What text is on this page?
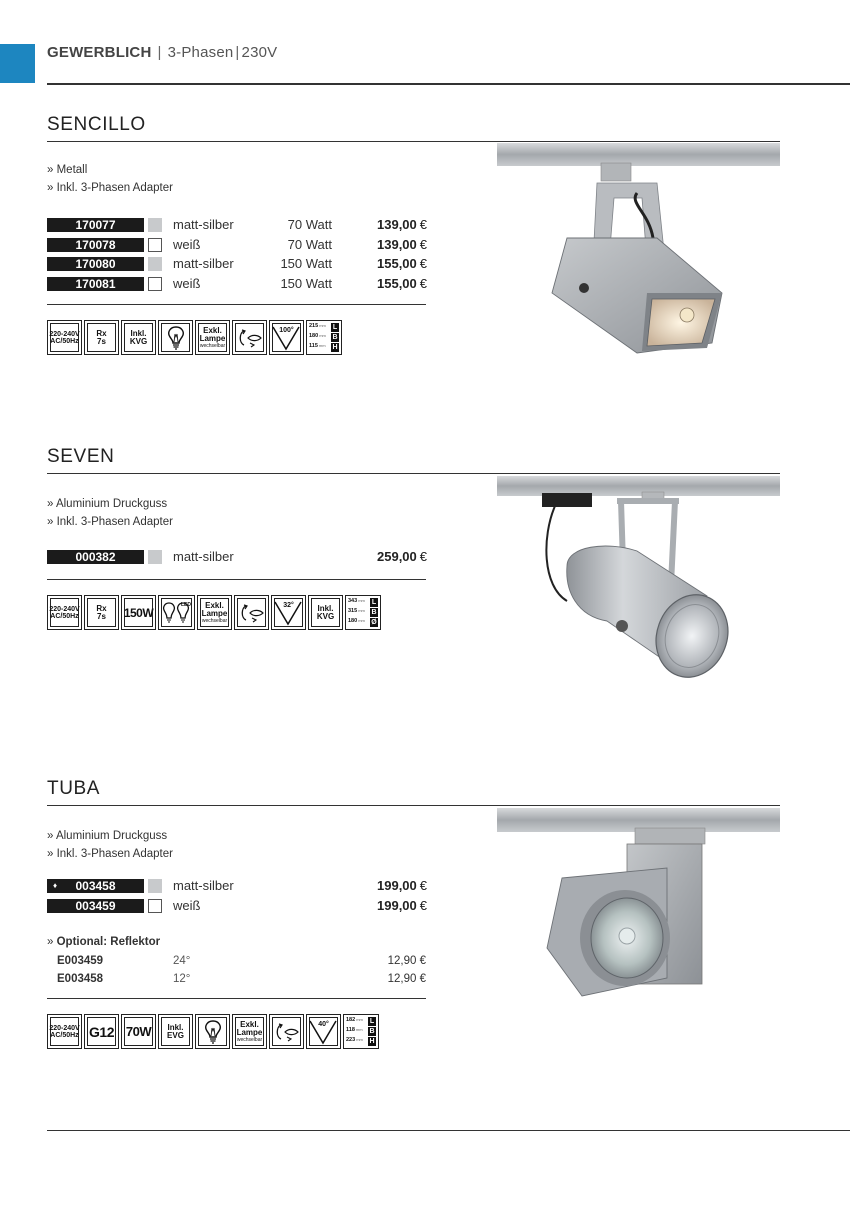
GEWERBLICH | 3-Phasen | 230V
SENCILLO
» Metall
» Inkl. 3-Phasen Adapter
170077	matt-silber	70 Watt	139,00 €
170078	weiß	70 Watt	139,00 €
170080	matt-silber	150 Watt	155,00 €
170081	weiß	150 Watt	155,00 €
220-240V
AC/50Hz
Rx
7s
Inkl.
KVG
Exkl.
Lampe
wechselbar
100°
215mm L
180mm B
115mm H
SEVEN
» Aluminium Druckguss
» Inkl. 3-Phasen Adapter
000382	matt-silber	259,00 €
220-240V
AC/50Hz
Rx
7s 150W
LED	Exkl.
Lampe
wechselbar
32°	Inkl.
KVG
343mm L
315mm B
180mm Ø
TUBA
» Aluminium Druckguss
» Inkl. 3-Phasen Adapter
♦ 003458	matt-silber	199,00 €
003459	weiß	199,00 €
» Optional: Reflektor
E003459	24°	12,90 €
E003458	12°	12,90 €
220-240V
AC/50Hz G12 70W Inkl.
EVG
Exkl.
Lampe
wechselbar
40°
182mm L
118mm B
223mm H
